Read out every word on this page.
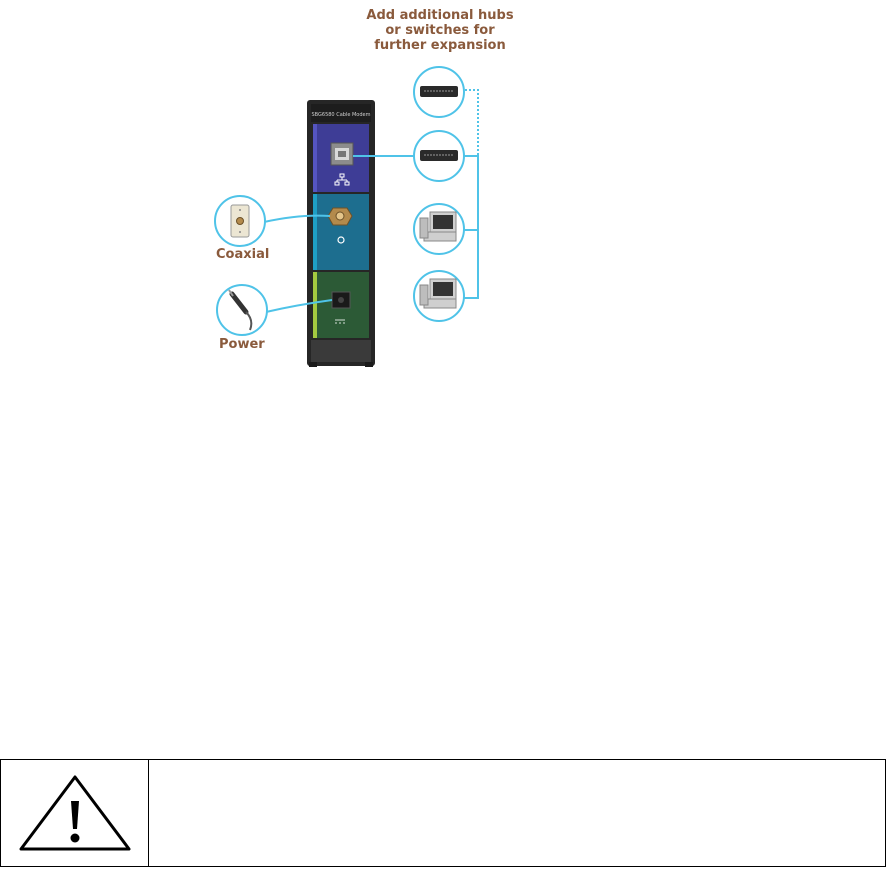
SBG6580 Cable Modem
Add additional hubs
or switches for
further expansion
Coaxial
Power
